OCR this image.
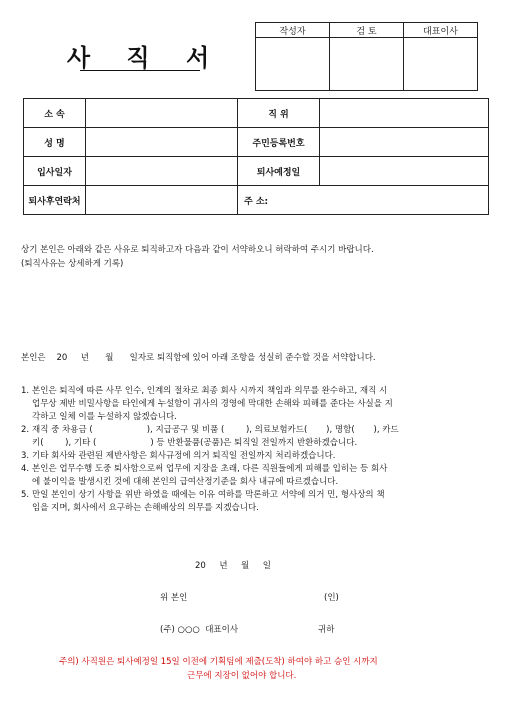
사 직 서
작성자	검 토	대표이사

소 속		직 위	
성 명		주민등록번호	
입사일자		퇴사예정일	
퇴사후연락처		주 소:	
상기 본인은 아래와 같은 사유로 퇴직하고자 다음과 같이 서약하오니 허락하여 주시기 바랍니다.
(퇴직사유는 상세하게 기록)
본인은    20     년      월      일자로 퇴직함에 있어 아래 조항을 성실히 준수할 것을 서약합니다.
1. 본인은 퇴직에 따른 사무 인수, 인계의 절차로 최종 회사 시까지 책임과 의무를 완수하고, 재직 시
업무상 제반 비밀사항을 타인에게 누설함이 귀사의 경영에 막대한 손해와 피해를 준다는 사실을 지
각하고 일체 이를 누설하지 않겠습니다.
2. 재직 중 차용금 (                    ), 지급공구 및 비품 (        ), 의료보험카드(       ), 명함(       ), 카드
키(        ), 기타 (                    ) 등 반환물품(공품)은 퇴직일 전일까지 반환하겠습니다.
3. 기타 회사와 관련된 제반사항은 회사규정에 의거 퇴직일 전일까지 처리하겠습니다.
4. 본인은 업무수행 도중 퇴사함으로써 업무에 지장을 초래, 다른 직원들에게 피해를 입히는 등 회사
에 불이익을 발생시킨 것에 대해 본인의 급여산정기준을 회사 내규에 따르겠습니다.
5. 만일 본인이 상기 사항을 위반 하였을 때에는 이유 여하를 막론하고 서약에 의거 민, 형사상의 책
임을 지며, 회사에서 요구하는 손해배상의 의무를 지겠습니다.
20     년     월     일
위 본인	(인)
(주) ○○○  대표이사	귀하
주의) 사직원은 퇴사예정일 15일 이전에 기획팀에 제출(도착) 하여야 하고 승인 시까지
근무에 지장이 없어야 합니다.
